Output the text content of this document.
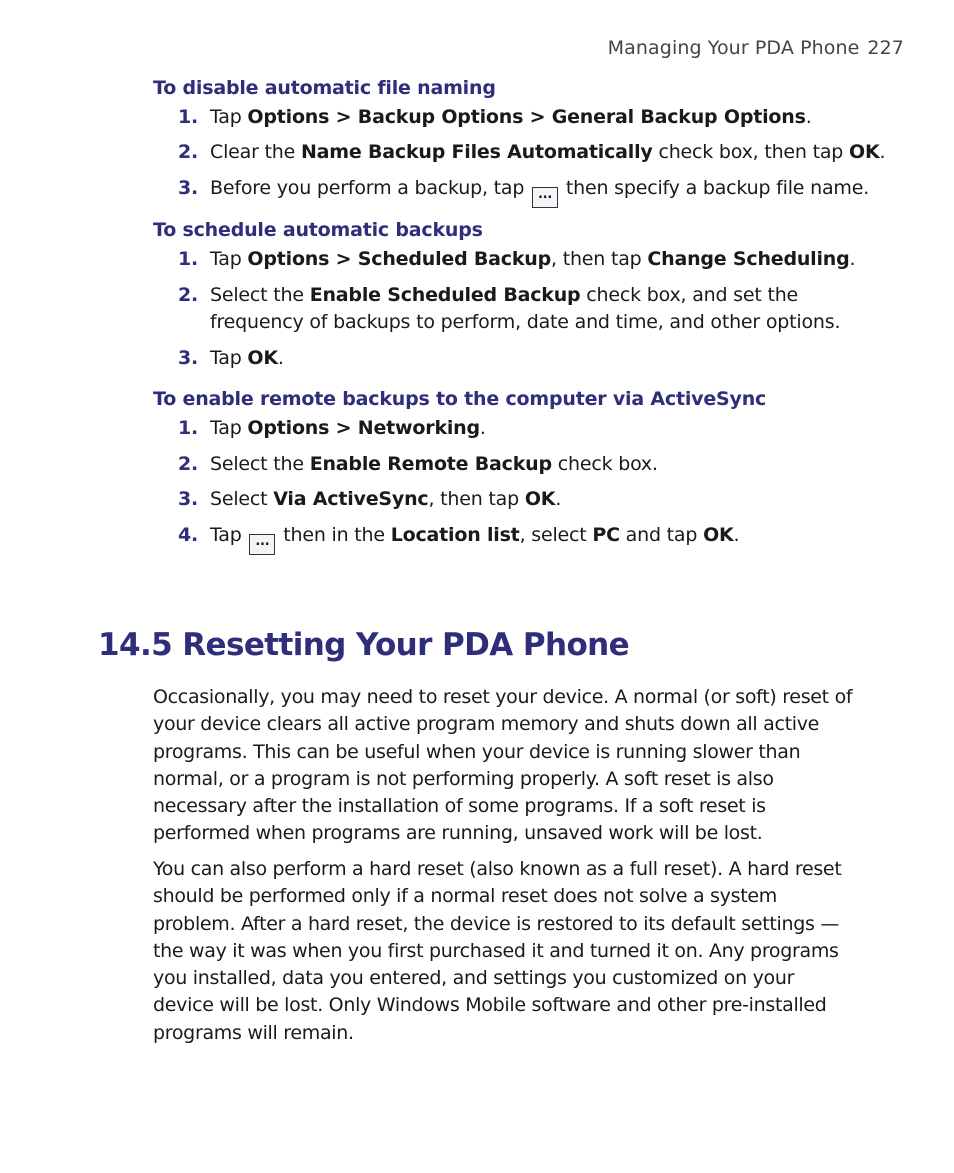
Managing Your PDA Phone 227
To disable automatic file naming
1. Tap Options > Backup Options > General Backup Options.
2. Clear the Name Backup Files Automatically check box, then tap OK.
3. Before you perform a backup, tap ... then specify a backup file name.
To schedule automatic backups
1. Tap Options > Scheduled Backup, then tap Change Scheduling.
2. Select the Enable Scheduled Backup check box, and set the frequency of backups to perform, date and time, and other options.
3. Tap OK.
To enable remote backups to the computer via ActiveSync
1. Tap Options > Networking.
2. Select the Enable Remote Backup check box.
3. Select Via ActiveSync, then tap OK.
4. Tap ... then in the Location list, select PC and tap OK.
14.5 Resetting Your PDA Phone

Occasionally, you may need to reset your device. A normal (or soft) reset of your device clears all active program memory and shuts down all active programs. This can be useful when your device is running slower than normal, or a program is not performing properly. A soft reset is also necessary after the installation of some programs. If a soft reset is performed when programs are running, unsaved work will be lost.

You can also perform a hard reset (also known as a full reset). A hard reset should be performed only if a normal reset does not solve a system problem. After a hard reset, the device is restored to its default settings — the way it was when you first purchased it and turned it on. Any programs you installed, data you entered, and settings you customized on your device will be lost. Only Windows Mobile software and other pre-installed programs will remain.
